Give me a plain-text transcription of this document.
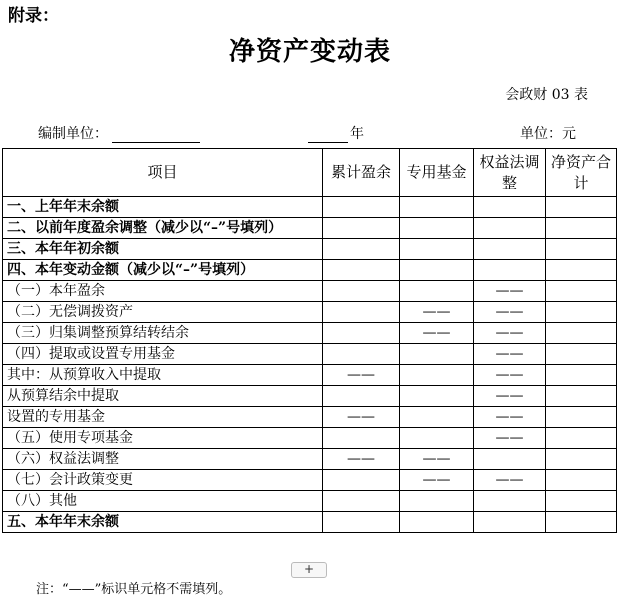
附录：
净资产变动表
会政财 03 表
编制单位：	年	单位：元
项目	累计盈余	专用基金	权益法调整	净资产合计
一、上年年末余额				
二、以前年度盈余调整（减少以“–”号填列）				
三、本年年初余额				
四、本年变动金额（减少以“–”号填列）				
（一）本年盈余			——	
（二）无偿调拨资产		——	——	
（三）归集调整预算结转结余		——	——	
（四）提取或设置专用基金			——	
其中：从预算收入中提取	——		——	
从预算结余中提取			——	
设置的专用基金	——		——	
（五）使用专项基金			——	
（六）权益法调整	——	——		
（七）会计政策变更		——	——	
（八）其他				
五、本年年末余额				
+
注：“——”标识单元格不需填列。
